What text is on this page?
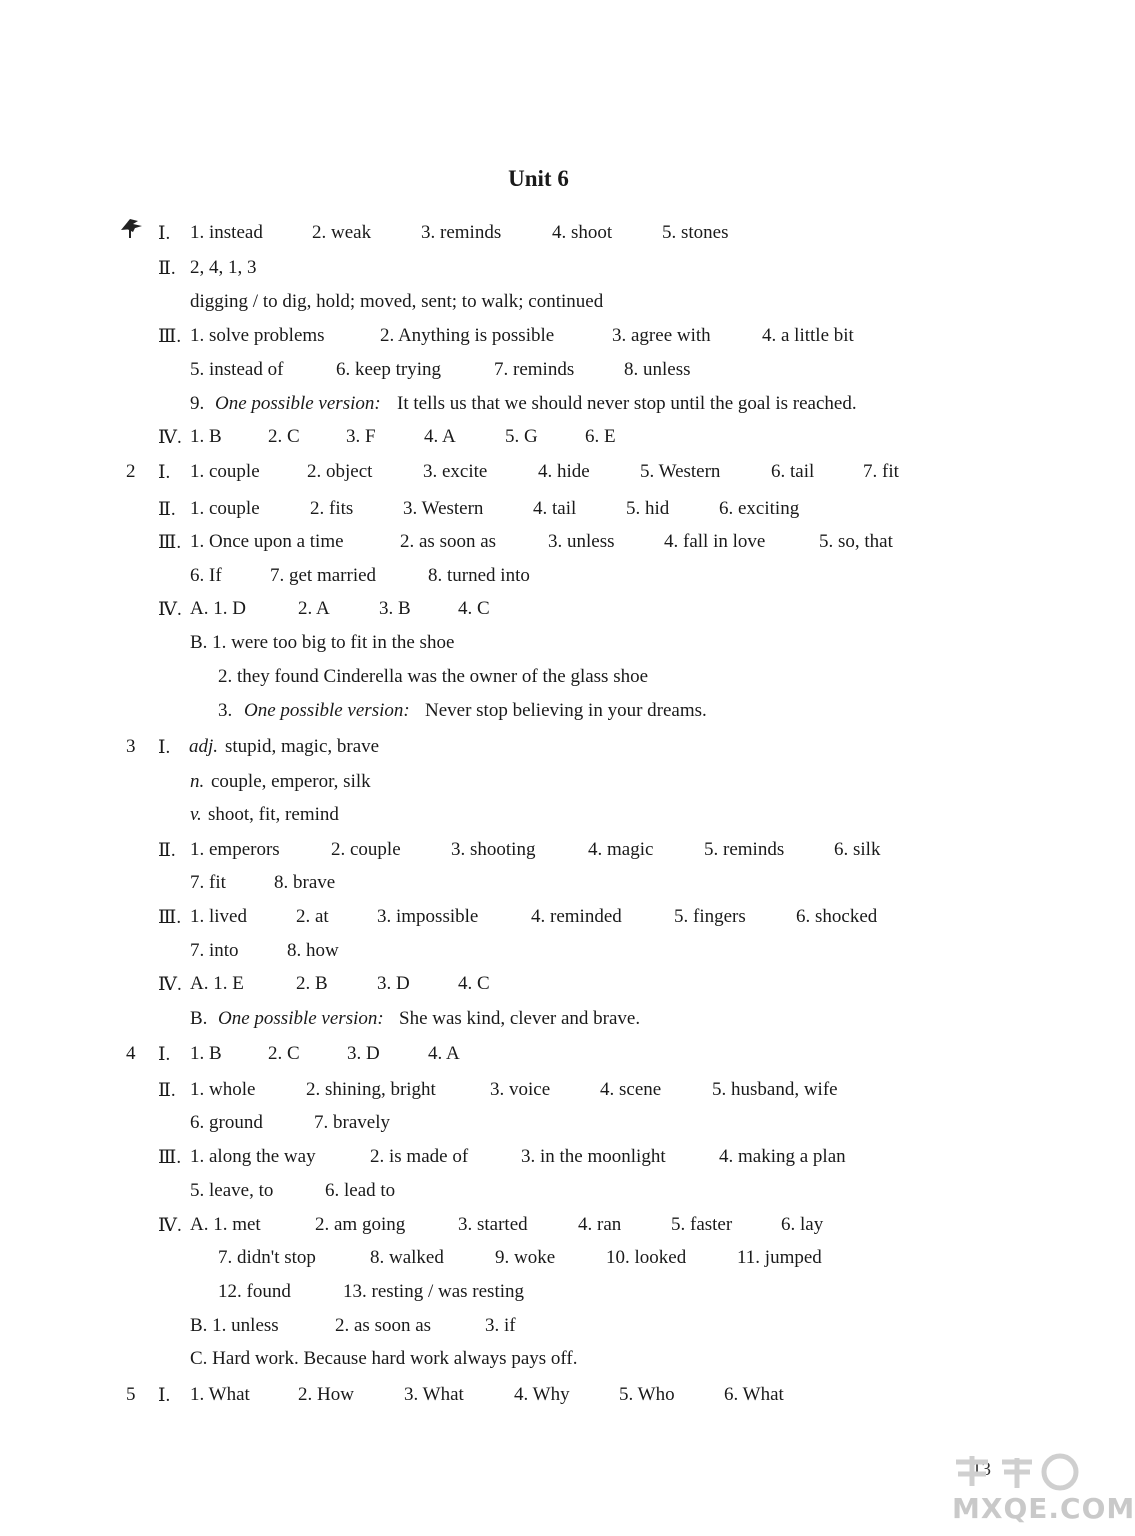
Unit 6
Ⅰ. 1. instead	2. weak	3. reminds	4. shoot	5. stones
Ⅱ. 2, 4, 1, 3
digging / to dig, hold; moved, sent; to walk; continued
Ⅲ. 1. solve problems	2. Anything is possible	3. agree with	4. a little bit
5. instead of	6. keep trying	7. reminds	8. unless
9. One possible version: It tells us that we should never stop until the goal is reached.
Ⅳ. 1. B 2. C 3. F	4. A	5. G 6. E
2 Ⅰ. 1. couple 2. object	3. excite	4. hide	5. Western	6. tail	7. fit
Ⅱ. 1. couple	2. fits	3. Western	4. tail	5. hid	6. exciting
Ⅲ. 1. Once upon a time	2. as soon as	3. unless	4. fall in love	5. so, that
6. If	7. get married	8. turned into
Ⅳ. A. 1. D	2. A	3. B 4. C
B. 1. were too big to fit in the shoe
2. they found Cinderella was the owner of the glass shoe
3. One possible version: Never stop believing in your dreams.
3 Ⅰ. adj. stupid, magic, brave
n. couple, emperor, silk
v. shoot, fit, remind
Ⅱ. 1. emperors	2. couple	3. shooting	4. magic	5. reminds	6. silk
7. fit	8. brave
Ⅲ. 1. lived	2. at	3. impossible	4. reminded	5. fingers	6. shocked
7. into	8. how
Ⅳ. A. 1. E	2. B	3. D	4. C
B. One possible version: She was kind, clever and brave.
4 Ⅰ. 1. B 2. C 3. D	4. A
Ⅱ. 1. whole	2. shining, bright	3. voice	4. scene	5. husband, wife
6. ground	7. bravely
Ⅲ. 1. along the way	2. is made of	3. in the moonlight	4. making a plan
5. leave, to	6. lead to
Ⅳ. A. 1. met	2. am going	3. started	4. ran	5. faster	6. lay
7. didn't stop	8. walked	9. woke	10. looked	11. jumped
12. found	13. resting / was resting
B. 1. unless	2. as soon as	3. if
C. Hard work. Because hard work always pays off.
5 Ⅰ. 1. What	2. How	3. What	4. Why	5. Who	6. What
13
MXQE.COM
